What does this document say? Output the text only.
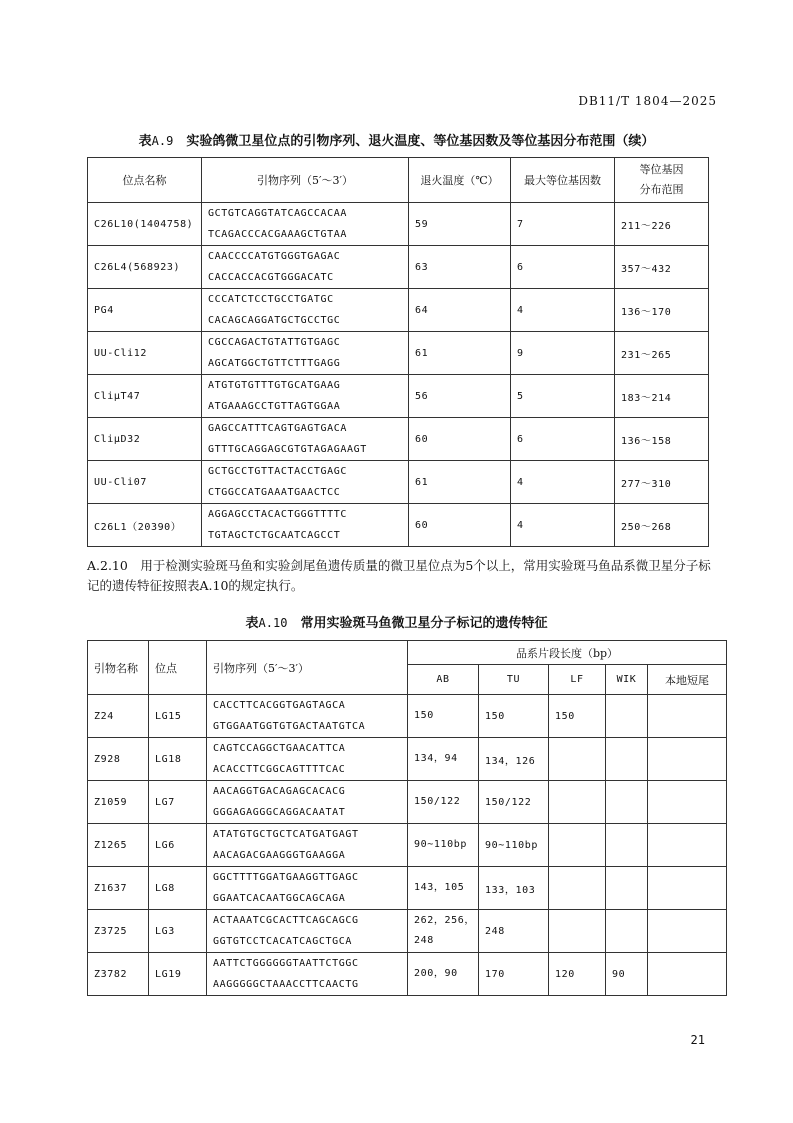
DB11/T 1804—2025
表A.9　 实验鸽微卫星位点的引物序列、退火温度、等位基因数及等位基因分布范围（续）
位点名称	引物序列（5′～3′）	退火温度（℃）	最大等位基因数	等位基因
分布范围
C26L10(1404758)	GCTGTCAGGTATCAGCCACAA
TCAGACCCACGAAAGCTGTAA	59	7	211～226
C26L4(568923)	CAACCCCATGTGGGTGAGAC
CACCACCACGTGGGACATC	63	6	357～432
PG4	CCCATCTCCTGCCTGATGC
CACAGCAGGATGCTGCCTGC	64	4	136～170
UU-Cli12	CGCCAGACTGTATTGTGAGC
AGCATGGCTGTTCTTTGAGG	61	9	231～265
CliμT47	ATGTGTGTTTGTGCATGAAG
ATGAAAGCCTGTTAGTGGAA	56	5	183～214
CliμD32	GAGCCATTTCAGTGAGTGACA
GTTTGCAGGAGCGTGTAGAGAAGT	60	6	136～158
UU-Cli07	GCTGCCTGTTACTACCTGAGC
CTGGCCATGAAATGAACTCC	61	4	277～310
C26L1（20390）	AGGAGCCTACACTGGGTTTTC
TGTAGCTCTGCAATCAGCCT	60	4	250～268
A.2.10　用于检测实验斑马鱼和实验剑尾鱼遗传质量的微卫星位点为5个以上，常用实验斑马鱼品系微卫星分子标记的遗传特征按照表A.10的规定执行。
表A.10　 常用实验斑马鱼微卫星分子标记的遗传特征
引物名称	位点	引物序列（5′～3′）	品系片段长度（bp）				
			AB	TU	LF	WIK	本地短尾
Z24	LG15	CACCTTCACGGTGAGTAGCA
GTGGAATGGTGTGACTAATGTCA	150	150	150		
Z928	LG18	CAGTCCAGGCTGAACATTCA
ACACCTTCGGCAGTTTTCAC	134，94	134，126			
Z1059	LG7	AACAGGTGACAGAGCACACG
GGGAGAGGGCAGGACAATAT	150/122	150/122			
Z1265	LG6	ATATGTGCTGCTCATGATGAGT
AACAGACGAAGGGTGAAGGA	90~110bp	90~110bp			
Z1637	LG8	GGCTTTTGGATGAAGGTTGAGC
GGAATCACAATGGCAGCAGA	143，105	133，103			
Z3725	LG3	ACTAAATCGCACTTCAGCAGCG
GGTGTCCTCACATCAGCTGCA	262，256，248	248			
Z3782	LG19	AATTCTGGGGGGTAATTCTGGC
AAGGGGGCTAAACCTTCAACTG	200，90	170	120	90	
21
